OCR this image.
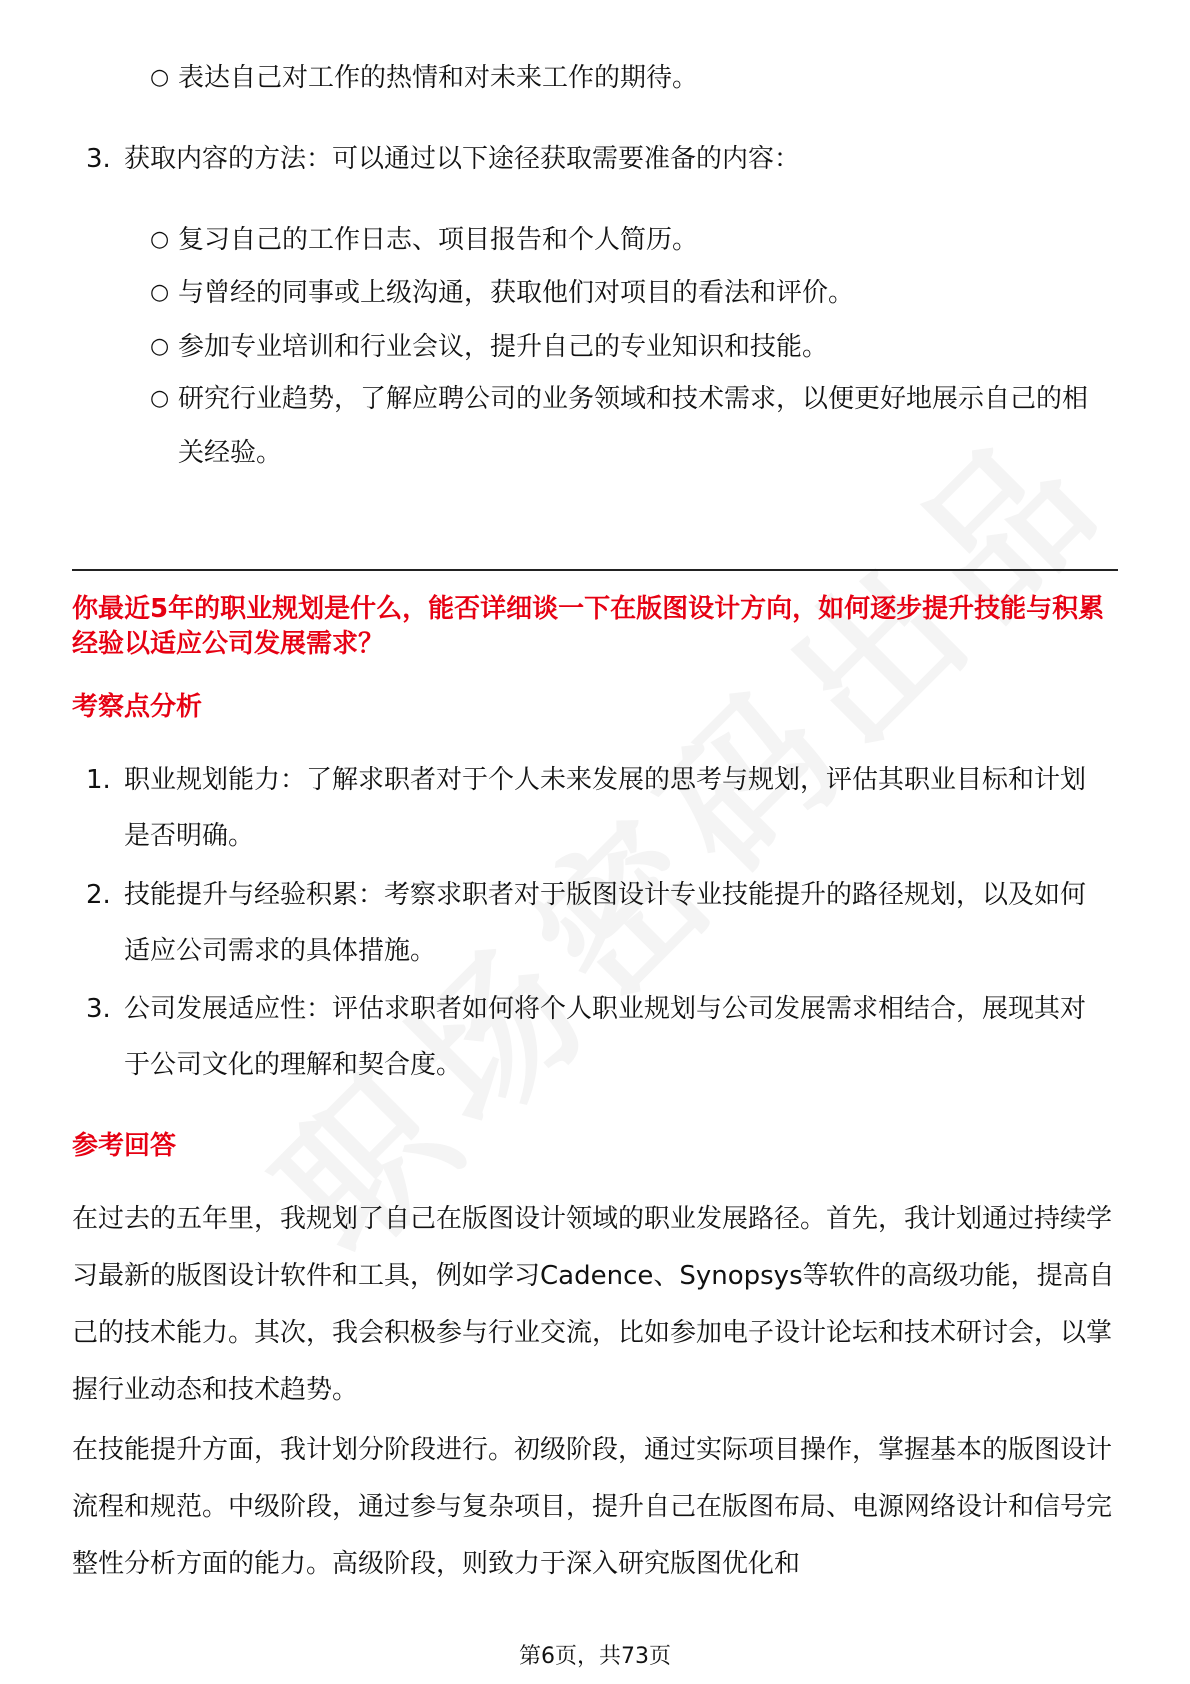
○ 表达自己对工作的热情和对未来工作的期待。
3. 获取内容的方法：可以通过以下途径获取需要准备的内容：
○ 复习自己的工作日志、项目报告和个人简历。
○ 与曾经的同事或上级沟通，获取他们对项目的看法和评价。
○ 参加专业培训和行业会议，提升自己的专业知识和技能。
○ 研究行业趋势，了解应聘公司的业务领域和技术需求，以便更好地展示自己的相关经验。
你最近5年的职业规划是什么，能否详细谈一下在版图设计方向，如何逐步提升技能与积累经验以适应公司发展需求？
考察点分析
1. 职业规划能力：了解求职者对于个人未来发展的思考与规划，评估其职业目标和计划是否明确。
2. 技能提升与经验积累：考察求职者对于版图设计专业技能提升的路径规划，以及如何适应公司需求的具体措施。
3. 公司发展适应性：评估求职者如何将个人职业规划与公司发展需求相结合，展现其对于公司文化的理解和契合度。
参考回答
在过去的五年里，我规划了自己在版图设计领域的职业发展路径。首先，我计划通过持续学习最新的版图设计软件和工具，例如学习Cadence、Synopsys等软件的高级功能，提高自己的技术能力。其次，我会积极参与行业交流，比如参加电子设计论坛和技术研讨会，以掌握行业动态和技术趋势。
在技能提升方面，我计划分阶段进行。初级阶段，通过实际项目操作，掌握基本的版图设计流程和规范。中级阶段，通过参与复杂项目，提升自己在版图布局、电源网络设计和信号完整性分析方面的能力。高级阶段，则致力于深入研究版图优化和
第6页，共73页
